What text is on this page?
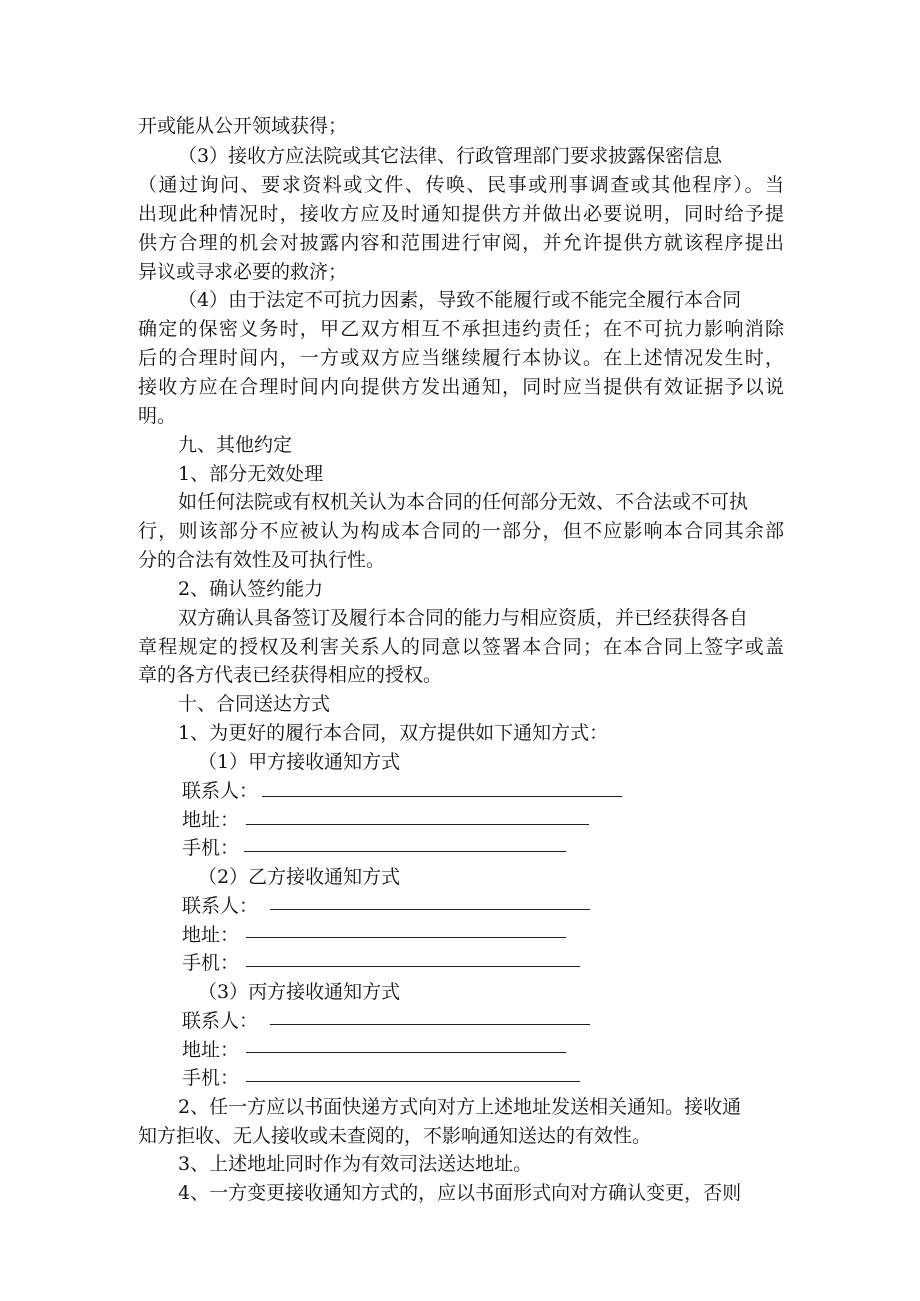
开或能从公开领域获得；
（3）接收方应法院或其它法律、行政管理部门要求披露保密信息
（通过询问、要求资料或文件、传唤、民事或刑事调查或其他程序）。当
出现此种情况时，接收方应及时通知提供方并做出必要说明，同时给予提
供方合理的机会对披露内容和范围进行审阅，并允许提供方就该程序提出
异议或寻求必要的救济；
（4）由于法定不可抗力因素，导致不能履行或不能完全履行本合同
确定的保密义务时，甲乙双方相互不承担违约责任；在不可抗力影响消除
后的合理时间内，一方或双方应当继续履行本协议。在上述情况发生时，
接收方应在合理时间内向提供方发出通知，同时应当提供有效证据予以说
明。
九、其他约定
1、部分无效处理
如任何法院或有权机关认为本合同的任何部分无效、不合法或不可执
行，则该部分不应被认为构成本合同的一部分，但不应影响本合同其余部
分的合法有效性及可执行性。
2、确认签约能力
双方确认具备签订及履行本合同的能力与相应资质，并已经获得各自
章程规定的授权及利害关系人的同意以签署本合同；在本合同上签字或盖
章的各方代表已经获得相应的授权。
十、合同送达方式
1、为更好的履行本合同，双方提供如下通知方式：
（1）甲方接收通知方式
联系人：
地址：
手机：
（2）乙方接收通知方式
联系人：
地址：
手机：
（3）丙方接收通知方式
联系人：
地址：
手机：
2、任一方应以书面快递方式向对方上述地址发送相关通知。接收通
知方拒收、无人接收或未查阅的，不影响通知送达的有效性。
3、上述地址同时作为有效司法送达地址。
4、一方变更接收通知方式的，应以书面形式向对方确认变更，否则
